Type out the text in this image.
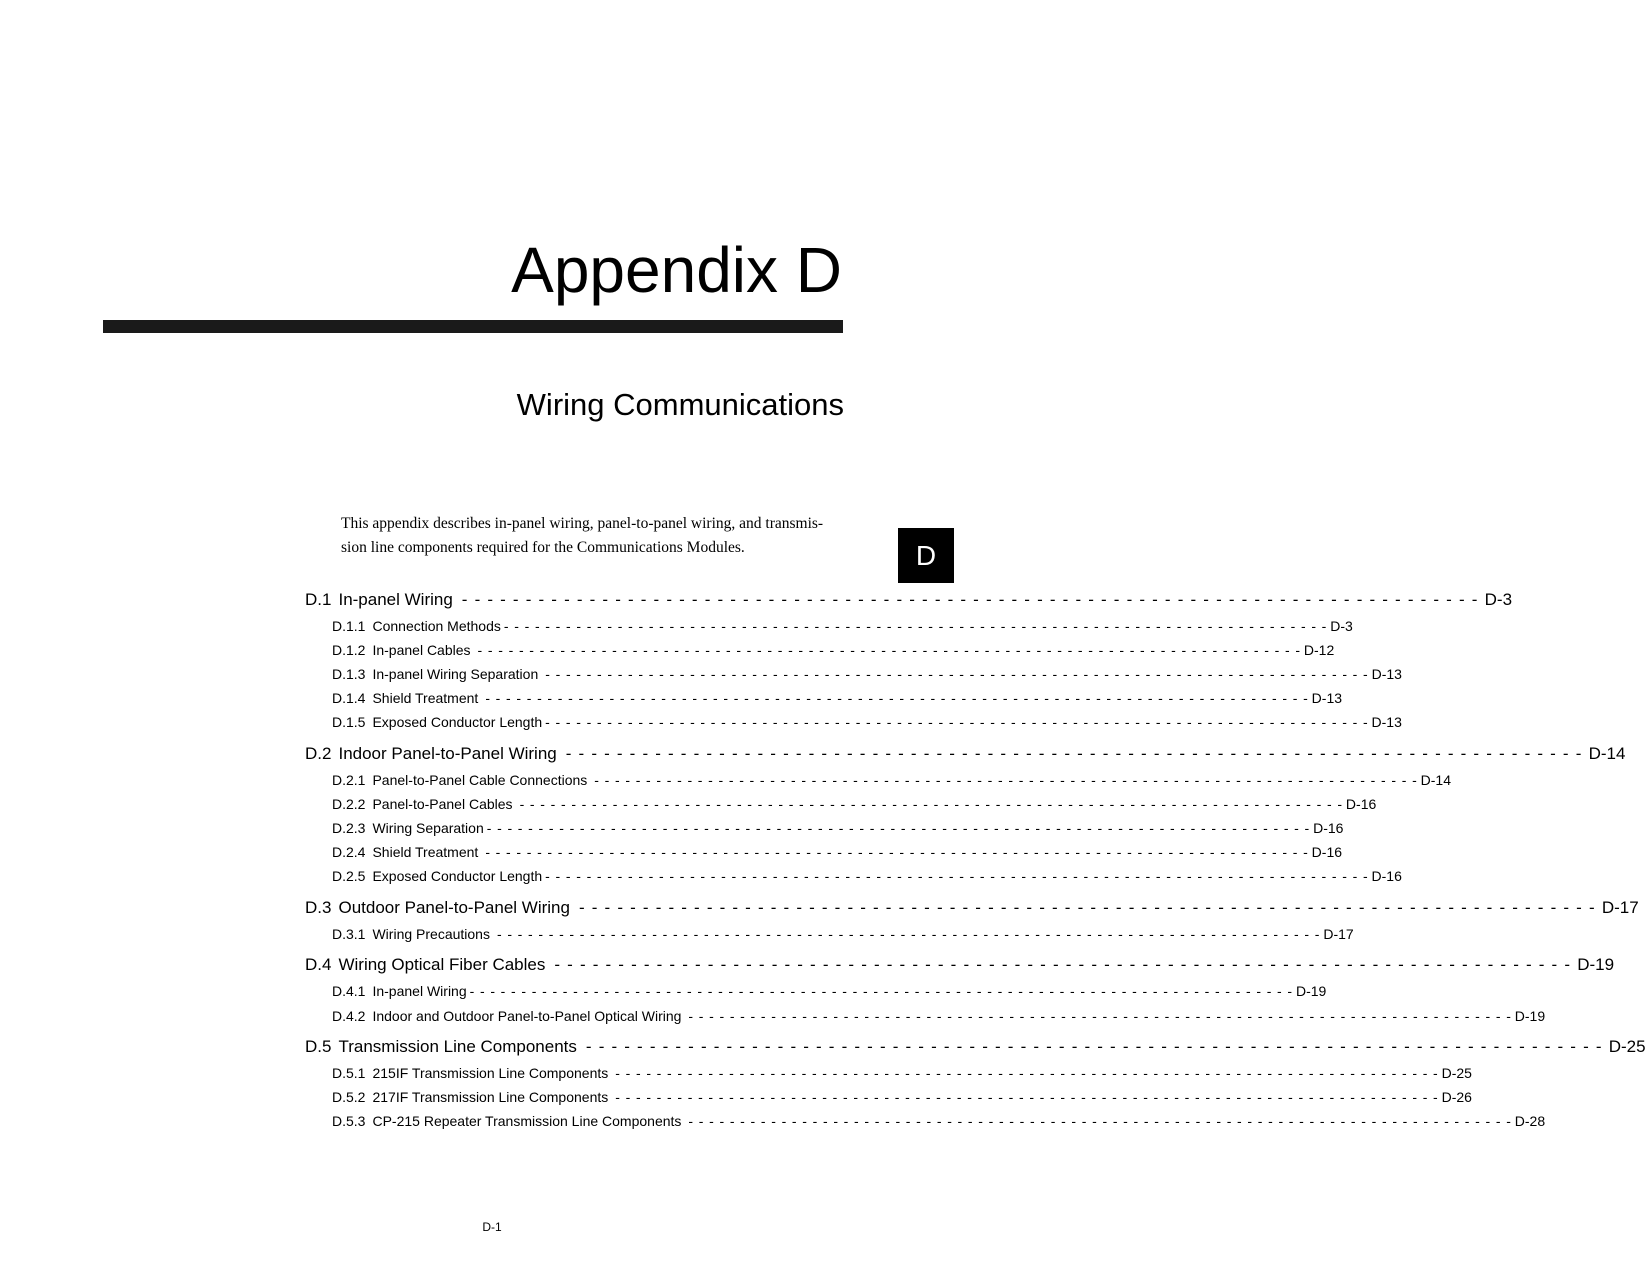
Appendix D
Wiring Communications
D
This appendix describes in-panel wiring, panel-to-panel wiring, and transmis-
sion line components required for the Communications Modules.
D.1 In-panel Wiring - - - - - - - - - - - - - - - - - - - - - - - - - - - - - - - - - - - - - - - - - - - - - - - - - - - - - - - - - - - - - - - - - - - - - - - - - - - - - - - - D-3
D.1.1 Connection Methods - - - - - - - - - - - - - - - - - - - - - - - - - - - - - - - - - - - - - - - - - - - - - - - - - - - - - - - - - - - - - - - - - - - - - - - - - - - - - - - - D-3
D.1.2 In-panel Cables - - - - - - - - - - - - - - - - - - - - - - - - - - - - - - - - - - - - - - - - - - - - - - - - - - - - - - - - - - - - - - - - - - - - - - - - - - - - - - - - D-12
D.1.3 In-panel Wiring Separation - - - - - - - - - - - - - - - - - - - - - - - - - - - - - - - - - - - - - - - - - - - - - - - - - - - - - - - - - - - - - - - - - - - - - - - - - - - - - - - - D-13
D.1.4 Shield Treatment - - - - - - - - - - - - - - - - - - - - - - - - - - - - - - - - - - - - - - - - - - - - - - - - - - - - - - - - - - - - - - - - - - - - - - - - - - - - - - - - D-13
D.1.5 Exposed Conductor Length - - - - - - - - - - - - - - - - - - - - - - - - - - - - - - - - - - - - - - - - - - - - - - - - - - - - - - - - - - - - - - - - - - - - - - - - - - - - - - - - D-13
D.2 Indoor Panel-to-Panel Wiring - - - - - - - - - - - - - - - - - - - - - - - - - - - - - - - - - - - - - - - - - - - - - - - - - - - - - - - - - - - - - - - - - - - - - - - - - - - - - - - - D-14
D.2.1 Panel-to-Panel Cable Connections - - - - - - - - - - - - - - - - - - - - - - - - - - - - - - - - - - - - - - - - - - - - - - - - - - - - - - - - - - - - - - - - - - - - - - - - - - - - - - - - D-14
D.2.2 Panel-to-Panel Cables - - - - - - - - - - - - - - - - - - - - - - - - - - - - - - - - - - - - - - - - - - - - - - - - - - - - - - - - - - - - - - - - - - - - - - - - - - - - - - - - D-16
D.2.3 Wiring Separation - - - - - - - - - - - - - - - - - - - - - - - - - - - - - - - - - - - - - - - - - - - - - - - - - - - - - - - - - - - - - - - - - - - - - - - - - - - - - - - - D-16
D.2.4 Shield Treatment - - - - - - - - - - - - - - - - - - - - - - - - - - - - - - - - - - - - - - - - - - - - - - - - - - - - - - - - - - - - - - - - - - - - - - - - - - - - - - - - D-16
D.2.5 Exposed Conductor Length - - - - - - - - - - - - - - - - - - - - - - - - - - - - - - - - - - - - - - - - - - - - - - - - - - - - - - - - - - - - - - - - - - - - - - - - - - - - - - - - D-16
D.3 Outdoor Panel-to-Panel Wiring - - - - - - - - - - - - - - - - - - - - - - - - - - - - - - - - - - - - - - - - - - - - - - - - - - - - - - - - - - - - - - - - - - - - - - - - - - - - - - - - D-17
D.3.1 Wiring Precautions - - - - - - - - - - - - - - - - - - - - - - - - - - - - - - - - - - - - - - - - - - - - - - - - - - - - - - - - - - - - - - - - - - - - - - - - - - - - - - - - D-17
D.4 Wiring Optical Fiber Cables - - - - - - - - - - - - - - - - - - - - - - - - - - - - - - - - - - - - - - - - - - - - - - - - - - - - - - - - - - - - - - - - - - - - - - - - - - - - - - - - D-19
D.4.1 In-panel Wiring - - - - - - - - - - - - - - - - - - - - - - - - - - - - - - - - - - - - - - - - - - - - - - - - - - - - - - - - - - - - - - - - - - - - - - - - - - - - - - - - D-19
D.4.2 Indoor and Outdoor Panel-to-Panel Optical Wiring - - - - - - - - - - - - - - - - - - - - - - - - - - - - - - - - - - - - - - - - - - - - - - - - - - - - - - - - - - - - - - - - - - - - - - - - - - - - - - - - D-19
D.5 Transmission Line Components - - - - - - - - - - - - - - - - - - - - - - - - - - - - - - - - - - - - - - - - - - - - - - - - - - - - - - - - - - - - - - - - - - - - - - - - - - - - - - - - D-25
D.5.1 215IF Transmission Line Components - - - - - - - - - - - - - - - - - - - - - - - - - - - - - - - - - - - - - - - - - - - - - - - - - - - - - - - - - - - - - - - - - - - - - - - - - - - - - - - - D-25
D.5.2 217IF Transmission Line Components - - - - - - - - - - - - - - - - - - - - - - - - - - - - - - - - - - - - - - - - - - - - - - - - - - - - - - - - - - - - - - - - - - - - - - - - - - - - - - - - D-26
D.5.3 CP-215 Repeater Transmission Line Components - - - - - - - - - - - - - - - - - - - - - - - - - - - - - - - - - - - - - - - - - - - - - - - - - - - - - - - - - - - - - - - - - - - - - - - - - - - - - - - - D-28
D-1
